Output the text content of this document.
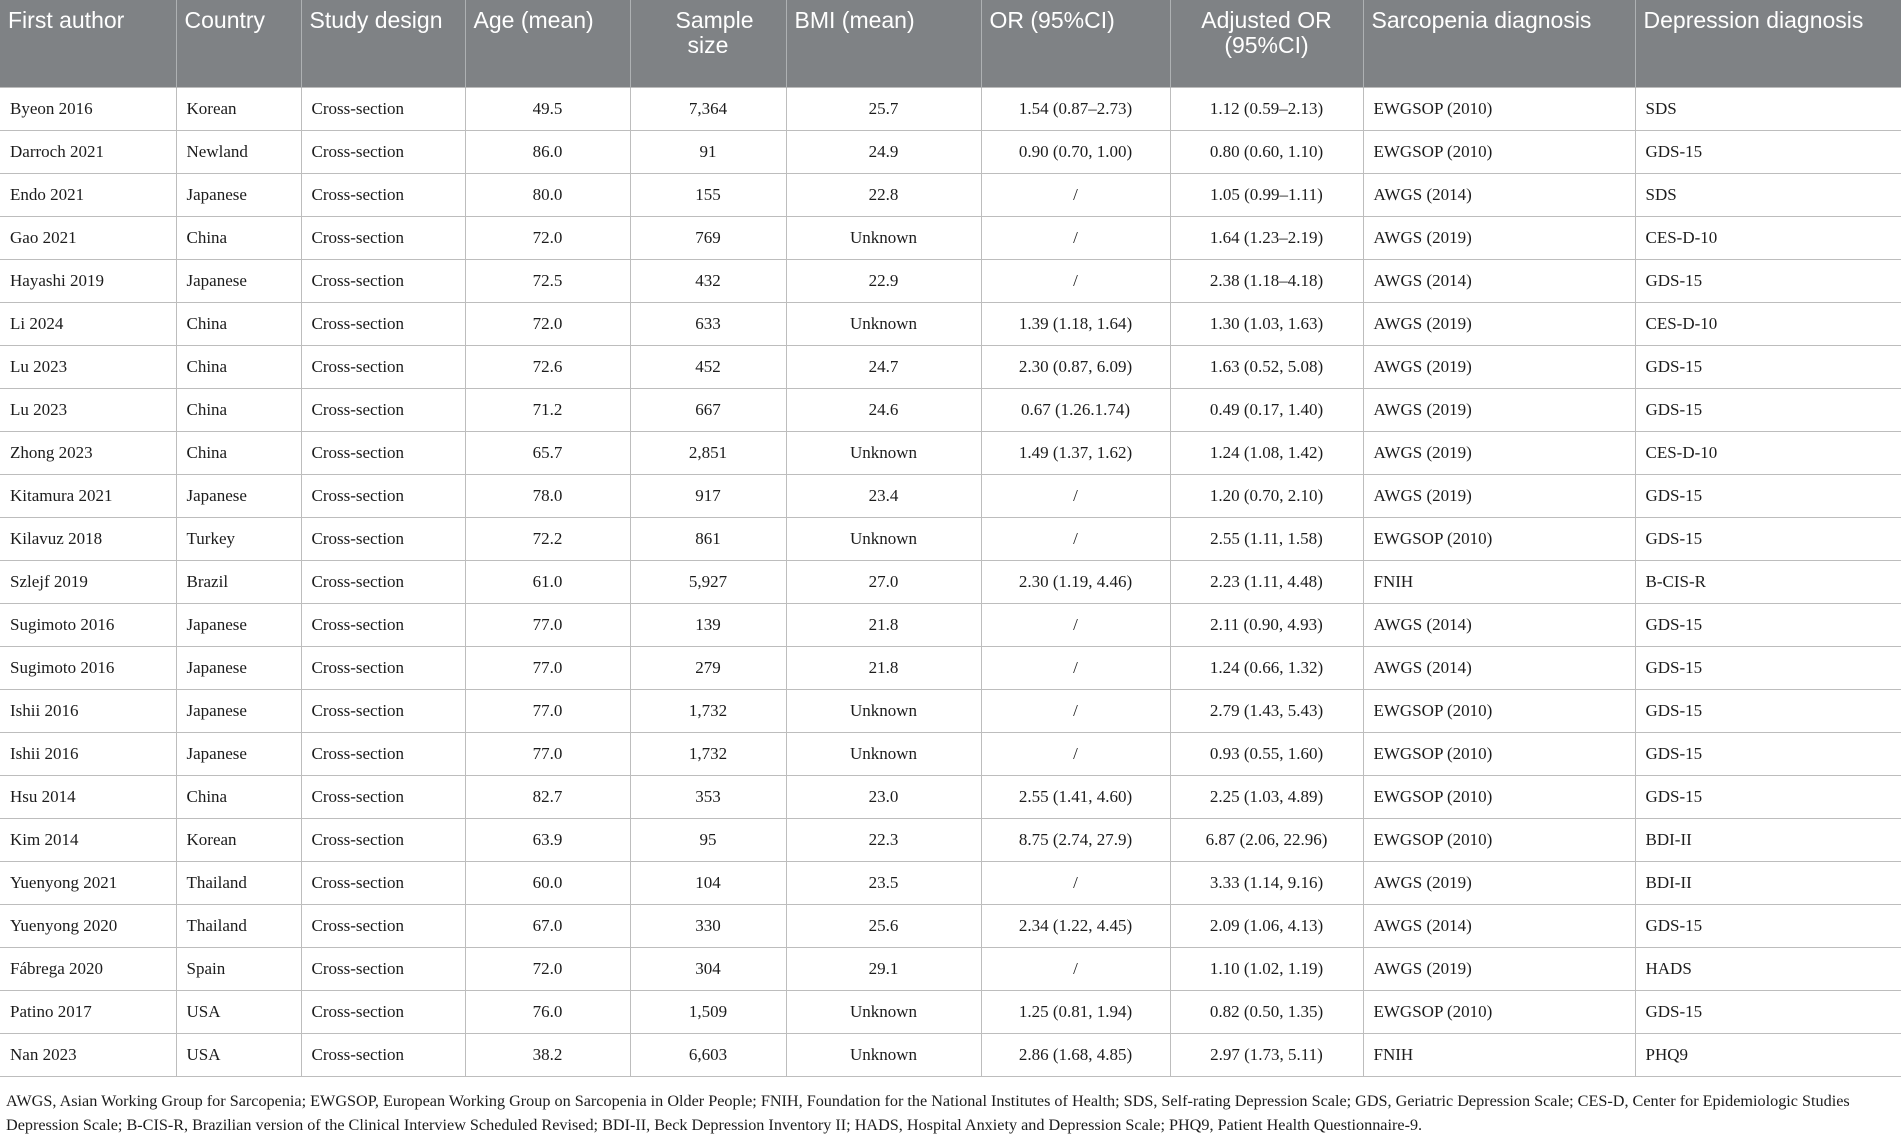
First author	Country	Study design	Age (mean)	Sample size	BMI (mean)	OR (95%CI)	Adjusted OR (95%CI)	Sarcopenia diagnosis	Depression diagnosis
Byeon 2016	Korean	Cross-section	49.5	7,364	25.7	1.54 (0.87–2.73)	1.12 (0.59–2.13)	EWGSOP (2010)	SDS
Darroch 2021	Newland	Cross-section	86.0	91	24.9	0.90 (0.70, 1.00)	0.80 (0.60, 1.10)	EWGSOP (2010)	GDS-15
Endo 2021	Japanese	Cross-section	80.0	155	22.8	/	1.05 (0.99–1.11)	AWGS (2014)	SDS
Gao 2021	China	Cross-section	72.0	769	Unknown	/	1.64 (1.23–2.19)	AWGS (2019)	CES-D-10
Hayashi 2019	Japanese	Cross-section	72.5	432	22.9	/	2.38 (1.18–4.18)	AWGS (2014)	GDS-15
Li 2024	China	Cross-section	72.0	633	Unknown	1.39 (1.18, 1.64)	1.30 (1.03, 1.63)	AWGS (2019)	CES-D-10
Lu 2023	China	Cross-section	72.6	452	24.7	2.30 (0.87, 6.09)	1.63 (0.52, 5.08)	AWGS (2019)	GDS-15
Lu 2023	China	Cross-section	71.2	667	24.6	0.67 (1.26.1.74)	0.49 (0.17, 1.40)	AWGS (2019)	GDS-15
Zhong 2023	China	Cross-section	65.7	2,851	Unknown	1.49 (1.37, 1.62)	1.24 (1.08, 1.42)	AWGS (2019)	CES-D-10
Kitamura 2021	Japanese	Cross-section	78.0	917	23.4	/	1.20 (0.70, 2.10)	AWGS (2019)	GDS-15
Kilavuz 2018	Turkey	Cross-section	72.2	861	Unknown	/	2.55 (1.11, 1.58)	EWGSOP (2010)	GDS-15
Szlejf 2019	Brazil	Cross-section	61.0	5,927	27.0	2.30 (1.19, 4.46)	2.23 (1.11, 4.48)	FNIH	B-CIS-R
Sugimoto 2016	Japanese	Cross-section	77.0	139	21.8	/	2.11 (0.90, 4.93)	AWGS (2014)	GDS-15
Sugimoto 2016	Japanese	Cross-section	77.0	279	21.8	/	1.24 (0.66, 1.32)	AWGS (2014)	GDS-15
Ishii 2016	Japanese	Cross-section	77.0	1,732	Unknown	/	2.79 (1.43, 5.43)	EWGSOP (2010)	GDS-15
Ishii 2016	Japanese	Cross-section	77.0	1,732	Unknown	/	0.93 (0.55, 1.60)	EWGSOP (2010)	GDS-15
Hsu 2014	China	Cross-section	82.7	353	23.0	2.55 (1.41, 4.60)	2.25 (1.03, 4.89)	EWGSOP (2010)	GDS-15
Kim 2014	Korean	Cross-section	63.9	95	22.3	8.75 (2.74, 27.9)	6.87 (2.06, 22.96)	EWGSOP (2010)	BDI-II
Yuenyong 2021	Thailand	Cross-section	60.0	104	23.5	/	3.33 (1.14, 9.16)	AWGS (2019)	BDI-II
Yuenyong 2020	Thailand	Cross-section	67.0	330	25.6	2.34 (1.22, 4.45)	2.09 (1.06, 4.13)	AWGS (2014)	GDS-15
Fábrega 2020	Spain	Cross-section	72.0	304	29.1	/	1.10 (1.02, 1.19)	AWGS (2019)	HADS
Patino 2017	USA	Cross-section	76.0	1,509	Unknown	1.25 (0.81, 1.94)	0.82 (0.50, 1.35)	EWGSOP (2010)	GDS-15
Nan 2023	USA	Cross-section	38.2	6,603	Unknown	2.86 (1.68, 4.85)	2.97 (1.73, 5.11)	FNIH	PHQ9
AWGS, Asian Working Group for Sarcopenia; EWGSOP, European Working Group on Sarcopenia in Older People; FNIH, Foundation for the National Institutes of Health; SDS, Self-rating Depression Scale; GDS, Geriatric Depression Scale; CES-D, Center for Epidemiologic Studies Depression Scale; B-CIS-R, Brazilian version of the Clinical Interview Scheduled Revised; BDI-II, Beck Depression Inventory II; HADS, Hospital Anxiety and Depression Scale; PHQ9, Patient Health Questionnaire-9.
